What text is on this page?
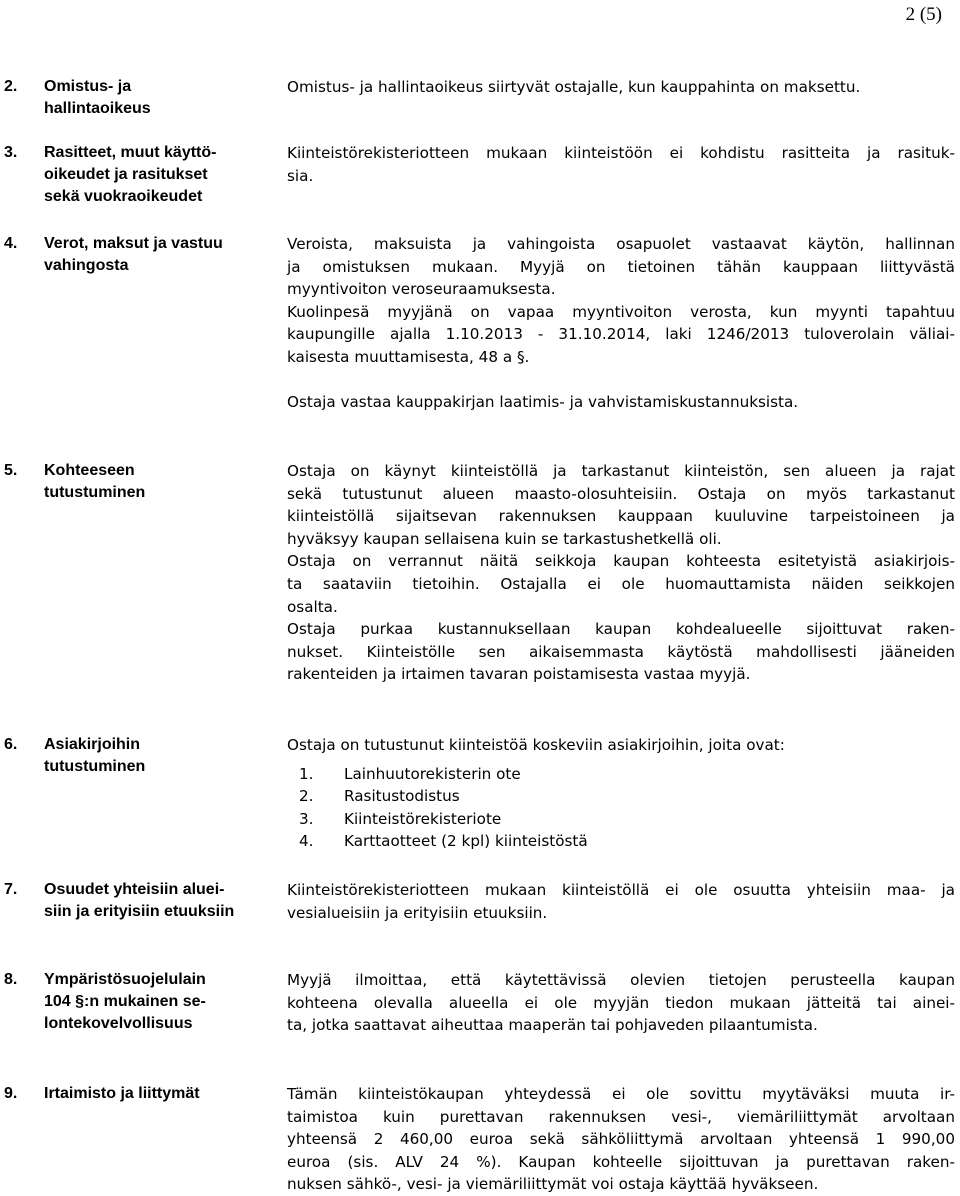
2 (5)
2. Omistus- ja
hallintaoikeus
Omistus- ja hallintaoikeus siirtyvät ostajalle, kun kauppahinta on maksettu.
3. Rasitteet, muut käyttö-
oikeudet ja rasitukset
sekä vuokraoikeudet
Kiinteistörekisteriotteen mukaan kiinteistöön ei kohdistu rasitteita ja rasituk-
sia.
4. Verot, maksut ja vastuu
vahingosta
Veroista, maksuista ja vahingoista osapuolet vastaavat käytön, hallinnan
ja omistuksen mukaan. Myyjä on tietoinen tähän kauppaan liittyvästä
myyntivoiton veroseuraamuksesta.
Kuolinpesä myyjänä on vapaa myyntivoiton verosta, kun myynti tapahtuu
kaupungille ajalla 1.10.2013 - 31.10.2014, laki 1246/2013 tuloverolain väliai-
kaisesta muuttamisesta, 48 a §.
Ostaja vastaa kauppakirjan laatimis- ja vahvistamiskustannuksista.
5. Kohteeseen
tutustuminen
Ostaja on käynyt kiinteistöllä ja tarkastanut kiinteistön, sen alueen ja rajat
sekä tutustunut alueen maasto-olosuhteisiin. Ostaja on myös tarkastanut
kiinteistöllä sijaitsevan rakennuksen kauppaan kuuluvine tarpeistoineen ja
hyväksyy kaupan sellaisena kuin se tarkastushetkellä oli.
Ostaja on verrannut näitä seikkoja kaupan kohteesta esitetyistä asiakirjois-
ta saataviin tietoihin. Ostajalla ei ole huomauttamista näiden seikkojen
osalta.
Ostaja purkaa kustannuksellaan kaupan kohdealueelle sijoittuvat raken-
nukset. Kiinteistölle sen aikaisemmasta käytöstä mahdollisesti jääneiden
rakenteiden ja irtaimen tavaran poistamisesta vastaa myyjä.
6. Asiakirjoihin
tutustuminen
Ostaja on tutustunut kiinteistöä koskeviin asiakirjoihin, joita ovat:
1. Lainhuutorekisterin ote
2. Rasitustodistus
3. Kiinteistörekisteriote
4. Karttaotteet (2 kpl) kiinteistöstä
7. Osuudet yhteisiin aluei-
siin ja erityisiin etuuksiin
Kiinteistörekisteriotteen mukaan kiinteistöllä ei ole osuutta yhteisiin maa- ja
vesialueisiin ja erityisiin etuuksiin.
8. Ympäristösuojelulain
104 §:n mukainen se-
lontekovelvollisuus
Myyjä ilmoittaa, että käytettävissä olevien tietojen perusteella kaupan
kohteena olevalla alueella ei ole myyjän tiedon mukaan jätteitä tai ainei-
ta, jotka saattavat aiheuttaa maaperän tai pohjaveden pilaantumista.
9. Irtaimisto ja liittymät	Tämän kiinteistökaupan yhteydessä ei ole sovittu myytäväksi muuta ir-
taimistoa kuin purettavan rakennuksen vesi-, viemäriliittymät arvoltaan
yhteensä 2 460,00 euroa sekä sähköliittymä arvoltaan yhteensä 1 990,00
euroa (sis. ALV 24 %). Kaupan kohteelle sijoittuvan ja purettavan raken-
nuksen sähkö-, vesi- ja viemäriliittymät voi ostaja käyttää hyväkseen.
